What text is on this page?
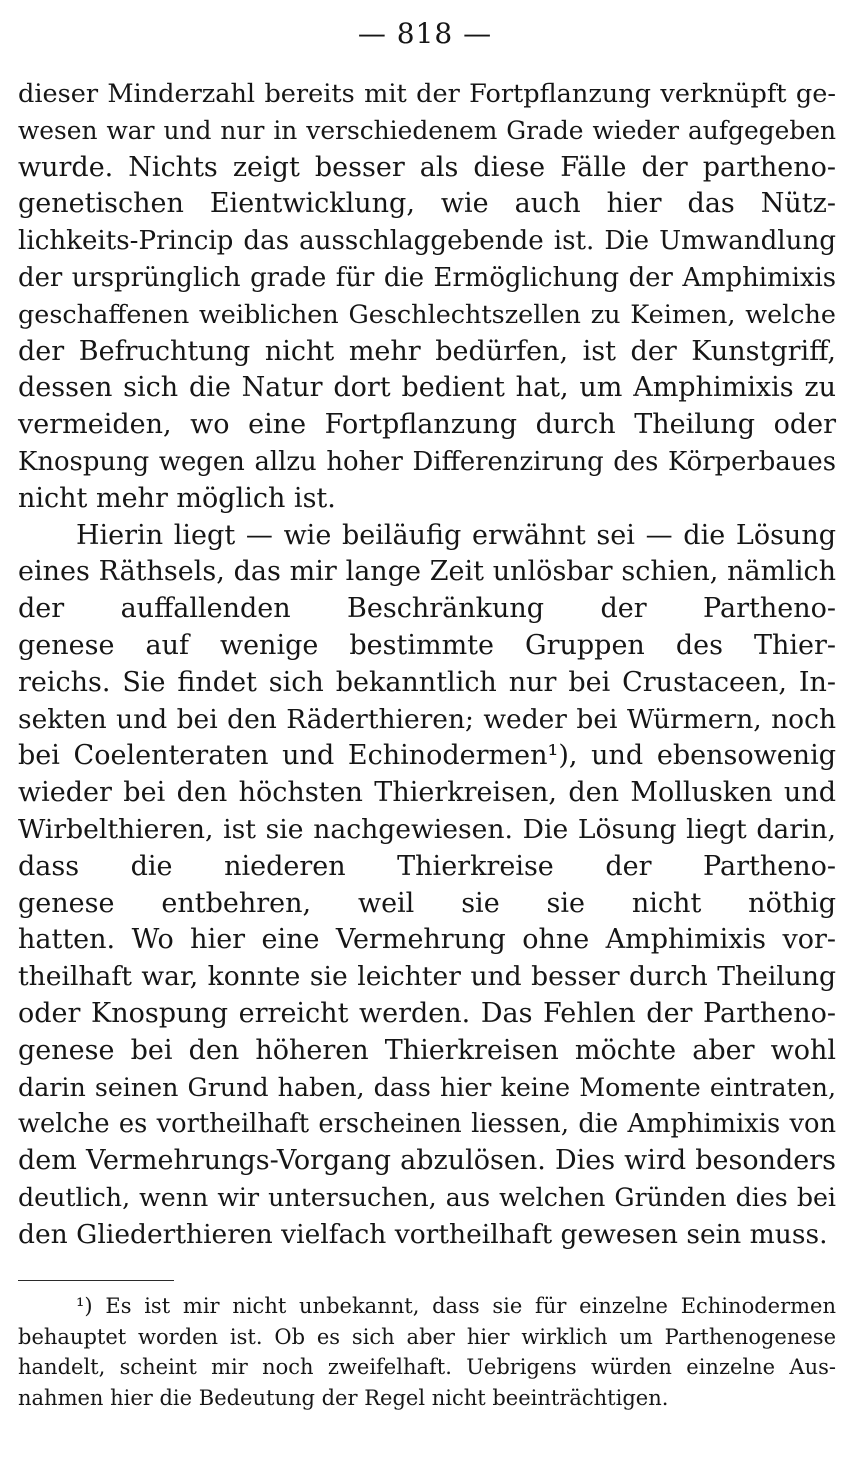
— 818 —
dieser Minderzahl bereits mit der Fortpflanzung verknüpft ge-
wesen war und nur in verschiedenem Grade wieder aufgegeben
wurde. Nichts zeigt besser als diese Fälle der partheno-
genetischen Eientwicklung, wie auch hier das Nütz-
lichkeits-Princip das ausschlaggebende ist. Die Umwandlung
der ursprünglich grade für die Ermöglichung der Amphimixis
geschaffenen weiblichen Geschlechtszellen zu Keimen, welche
der Befruchtung nicht mehr bedürfen, ist der Kunstgriff,
dessen sich die Natur dort bedient hat, um Amphimixis zu
vermeiden, wo eine Fortpflanzung durch Theilung oder
Knospung wegen allzu hoher Differenzirung des Körperbaues
nicht mehr möglich ist.
Hierin liegt — wie beiläufig erwähnt sei — die Lösung
eines Räthsels, das mir lange Zeit unlösbar schien, nämlich
der auffallenden Beschränkung der Partheno-
genese auf wenige bestimmte Gruppen des Thier-
reichs. Sie findet sich bekanntlich nur bei Crustaceen, In-
sekten und bei den Räderthieren; weder bei Würmern, noch
bei Coelenteraten und Echinodermen¹), und ebensowenig
wieder bei den höchsten Thierkreisen, den Mollusken und
Wirbelthieren, ist sie nachgewiesen. Die Lösung liegt darin,
dass die niederen Thierkreise der Partheno-
genese entbehren, weil sie sie nicht nöthig
hatten. Wo hier eine Vermehrung ohne Amphimixis vor-
theilhaft war, konnte sie leichter und besser durch Theilung
oder Knospung erreicht werden. Das Fehlen der Partheno-
genese bei den höheren Thierkreisen möchte aber wohl
darin seinen Grund haben, dass hier keine Momente eintraten,
welche es vortheilhaft erscheinen liessen, die Amphimixis von
dem Vermehrungs-Vorgang abzulösen. Dies wird besonders
deutlich, wenn wir untersuchen, aus welchen Gründen dies bei
den Gliederthieren vielfach vortheilhaft gewesen sein muss.
¹) Es ist mir nicht unbekannt, dass sie für einzelne Echinodermen
behauptet worden ist. Ob es sich aber hier wirklich um Parthenogenese
handelt, scheint mir noch zweifelhaft. Uebrigens würden einzelne Aus-
nahmen hier die Bedeutung der Regel nicht beeinträchtigen.
